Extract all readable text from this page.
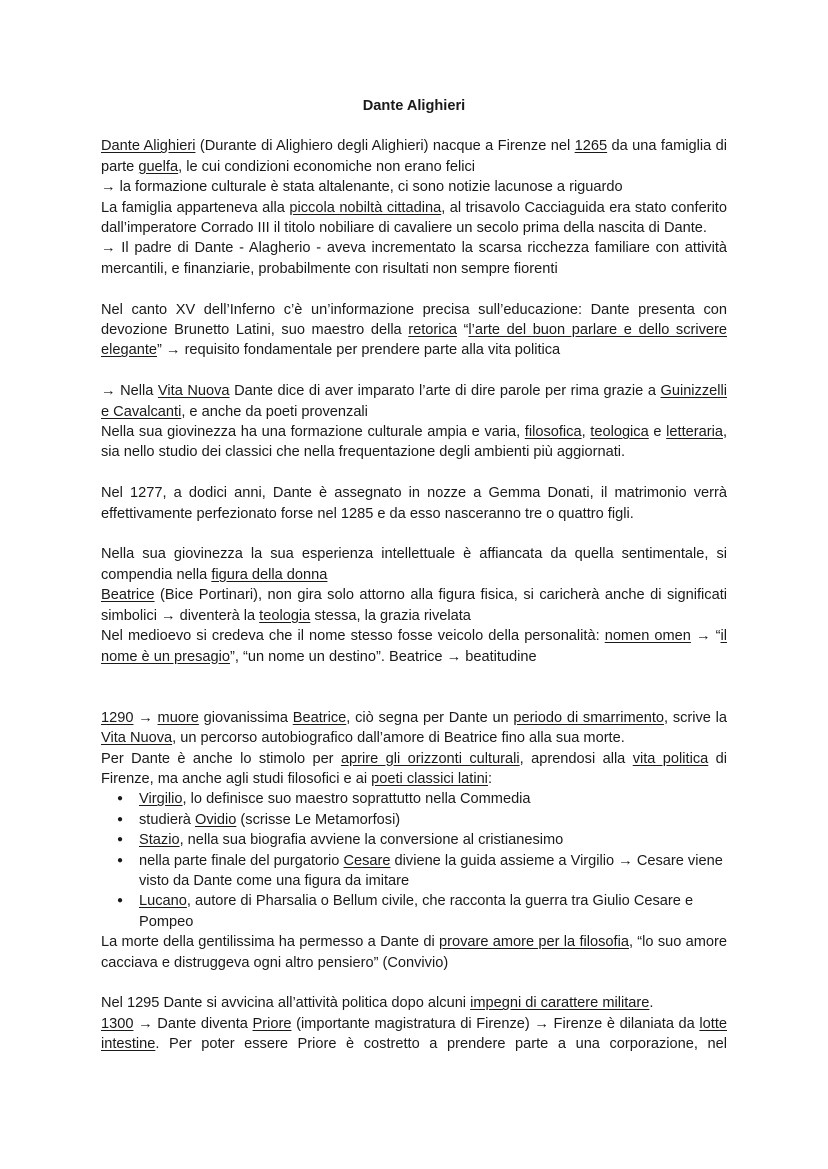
Dante Alighieri

Dante Alighieri (Durante di Alighiero degli Alighieri) nacque a Firenze nel 1265 da una famiglia di parte guelfa, le cui condizioni economiche non erano felici

→ la formazione culturale è stata altalenante, ci sono notizie lacunose a riguardo

La famiglia apparteneva alla piccola nobiltà cittadina, al trisavolo Cacciaguida era stato conferito dall’imperatore Corrado III il titolo nobiliare di cavaliere un secolo prima della nascita di Dante.

→ Il padre di Dante - Alagherio - aveva incrementato la scarsa ricchezza familiare con attività mercantili, e finanziarie, probabilmente con risultati non sempre fiorenti

Nel canto XV dell’Inferno c’è un’informazione precisa sull’educazione: Dante presenta con devozione Brunetto Latini, suo maestro della retorica “l’arte del buon parlare e dello scrivere elegante” → requisito fondamentale per prendere parte alla vita politica

→ Nella Vita Nuova Dante dice di aver imparato l’arte di dire parole per rima grazie a Guinizzelli e Cavalcanti, e anche da poeti provenzali

Nella sua giovinezza ha una formazione culturale ampia e varia, filosofica, teologica e letteraria, sia nello studio dei classici che nella frequentazione degli ambienti più aggiornati.

Nel 1277, a dodici anni, Dante è assegnato in nozze a Gemma Donati, il matrimonio verrà effettivamente perfezionato forse nel 1285 e da esso nasceranno tre o quattro figli.

Nella sua giovinezza la sua esperienza intellettuale è affiancata da quella sentimentale, si compendia nella figura della donna

Beatrice (Bice Portinari), non gira solo attorno alla figura fisica, si caricherà anche di significati simbolici → diventerà la teologia stessa, la grazia rivelata

Nel medioevo si credeva che il nome stesso fosse veicolo della personalità: nomen omen → “il nome è un presagio”, “un nome un destino”. Beatrice → beatitudine

1290 → muore giovanissima Beatrice, ciò segna per Dante un periodo di smarrimento, scrive la Vita Nuova, un percorso autobiografico dall’amore di Beatrice fino alla sua morte.

Per Dante è anche lo stimolo per aprire gli orizzonti culturali, aprendosi alla vita politica di Firenze, ma anche agli studi filosofici e ai poeti classici latini:

● Virgilio, lo definisce suo maestro soprattutto nella Commedia
● studierà Ovidio (scrisse Le Metamorfosi)
● Stazio, nella sua biografia avviene la conversione al cristianesimo
● nella parte finale del purgatorio Cesare diviene la guida assieme a Virgilio → Cesare viene visto da Dante come una figura da imitare
● Lucano, autore di Pharsalia o Bellum civile, che racconta la guerra tra Giulio Cesare e Pompeo

La morte della gentilissima ha permesso a Dante di provare amore per la filosofia, “lo suo amore cacciava e distruggeva ogni altro pensiero” (Convivio)

Nel 1295 Dante si avvicina all’attività politica dopo alcuni impegni di carattere militare.

1300 → Dante diventa Priore (importante magistratura di Firenze) → Firenze è dilaniata da lotte intestine. Per poter essere Priore è costretto a prendere parte a una corporazione, nel
